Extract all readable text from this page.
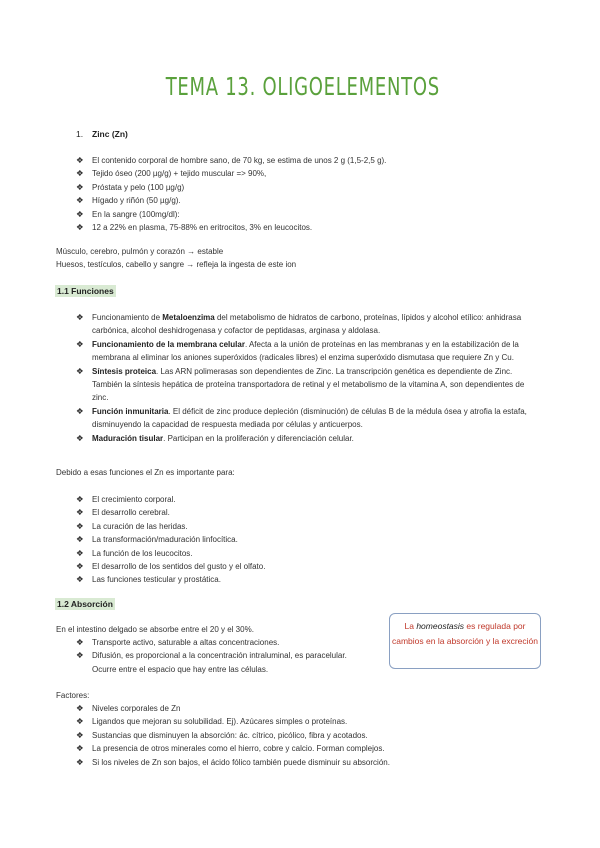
TEMA 13. OLIGOELEMENTOS
1. Zinc (Zn)
❖ El contenido corporal de hombre sano, de 70 kg, se estima de unos 2 g (1,5-2,5 g).
❖ Tejido óseo (200 µg/g) + tejido muscular => 90%,
❖ Próstata y pelo (100 µg/g)
❖ Hígado y riñón (50 µg/g).
❖ En la sangre (100mg/dl):
❖ 12 a 22% en plasma, 75-88% en eritrocitos, 3% en leucocitos.
Músculo, cerebro, pulmón y corazón → estable
Huesos, testículos, cabello y sangre → refleja la ingesta de este ion
1.1 Funciones
❖ Funcionamiento de Metaloenzima del metabolismo de hidratos de carbono, proteínas, lípidos y alcohol etílico: anhidrasa carbónica, alcohol deshidrogenasa y cofactor de peptidasas, arginasa y aldolasa.
❖ Funcionamiento de la membrana celular. Afecta a la unión de proteínas en las membranas y en la estabilización de la membrana al eliminar los aniones superóxidos (radicales libres) el enzima superóxido dismutasa que requiere Zn y Cu.
❖ Síntesis proteica. Las ARN polimerasas son dependientes de Zinc. La transcripción genética es dependiente de Zinc. También la síntesis hepática de proteína transportadora de retinal y el metabolismo de la vitamina A, son dependientes de zinc.
❖ Función inmunitaria. El déficit de zinc produce depleción (disminución) de células B de la médula ósea y atrofia la estafa, disminuyendo la capacidad de respuesta mediada por células y anticuerpos.
❖ Maduración tisular. Participan en la proliferación y diferenciación celular.
Debido a esas funciones el Zn es importante para:
❖ El crecimiento corporal.
❖ El desarrollo cerebral.
❖ La curación de las heridas.
❖ La transformación/maduración linfocítica.
❖ La función de los leucocitos.
❖ El desarrollo de los sentidos del gusto y el olfato.
❖ Las funciones testicular y prostática.
1.2 Absorción
En el intestino delgado se absorbe entre el 20 y el 30%.
❖ Transporte activo, saturable a altas concentraciones.
❖ Difusión, es proporcional a la concentración intraluminal, es paracelular. Ocurre entre el espacio que hay entre las células.
La homeostasis es regulada por cambios en la absorción y la excreción
Factores:
❖ Niveles corporales de Zn
❖ Ligandos que mejoran su solubilidad. Ej). Azúcares simples o proteínas.
❖ Sustancias que disminuyen la absorción: ác. cítrico, picólico, fibra y acotados.
❖ La presencia de otros minerales como el hierro, cobre y calcio. Forman complejos.
❖ Si los niveles de Zn son bajos, el ácido fólico también puede disminuir su absorción.
